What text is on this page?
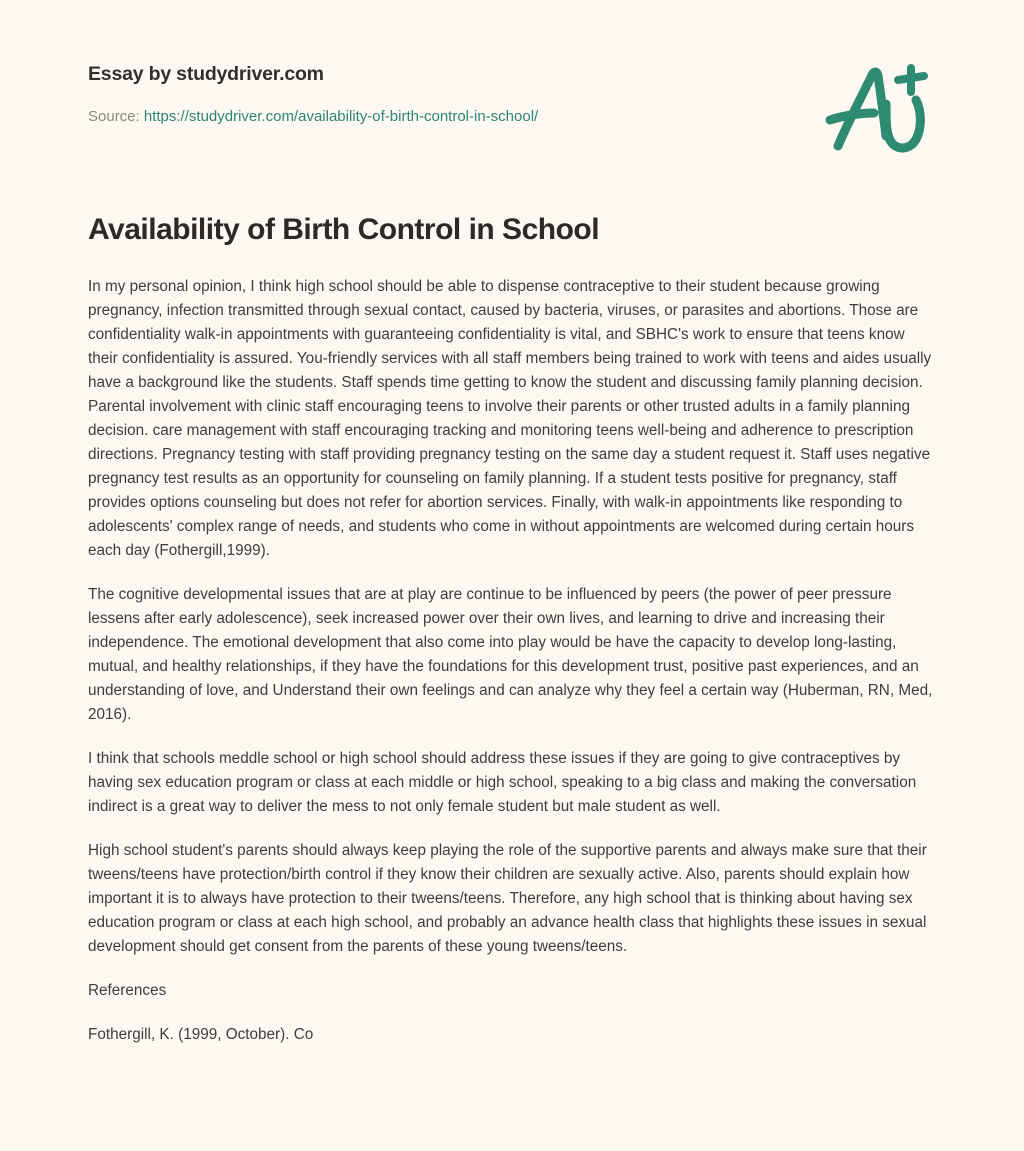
Essay by studydriver.com
Source: https://studydriver.com/availability-of-birth-control-in-school/
Availability of Birth Control in School

In my personal opinion, I think high school should be able to dispense contraceptive to their student because growing pregnancy, infection transmitted through sexual contact, caused by bacteria, viruses, or parasites and abortions. Those are confidentiality walk-in appointments with guaranteeing confidentiality is vital, and SBHC's work to ensure that teens know their confidentiality is assured. You-friendly services with all staff members being trained to work with teens and aides usually have a background like the students. Staff spends time getting to know the student and discussing family planning decision. Parental involvement with clinic staff encouraging teens to involve their parents or other trusted adults in a family planning decision. care management with staff encouraging tracking and monitoring teens well-being and adherence to prescription directions. Pregnancy testing with staff providing pregnancy testing on the same day a student request it. Staff uses negative pregnancy test results as an opportunity for counseling on family planning. If a student tests positive for pregnancy, staff provides options counseling but does not refer for abortion services. Finally, with walk-in appointments like responding to adolescents' complex range of needs, and students who come in without appointments are welcomed during certain hours each day (Fothergill,1999).

The cognitive developmental issues that are at play are continue to be influenced by peers (the power of peer pressure lessens after early adolescence), seek increased power over their own lives, and learning to drive and increasing their independence. The emotional development that also come into play would be have the capacity to develop long-lasting, mutual, and healthy relationships, if they have the foundations for this development trust, positive past experiences, and an understanding of love, and Understand their own feelings and can analyze why they feel a certain way (Huberman, RN, Med, 2016).

I think that schools meddle school or high school should address these issues if they are going to give contraceptives by having sex education program or class at each middle or high school, speaking to a big class and making the conversation indirect is a great way to deliver the mess to not only female student but male student as well.

High school student's parents should always keep playing the role of the supportive parents and always make sure that their tweens/teens have protection/birth control if they know their children are sexually active. Also, parents should explain how important it is to always have protection to their tweens/teens. Therefore, any high school that is thinking about having sex education program or class at each high school, and probably an advance health class that highlights these issues in sexual development should get consent from the parents of these young tweens/teens.

References

Fothergill, K. (1999, October). Co
